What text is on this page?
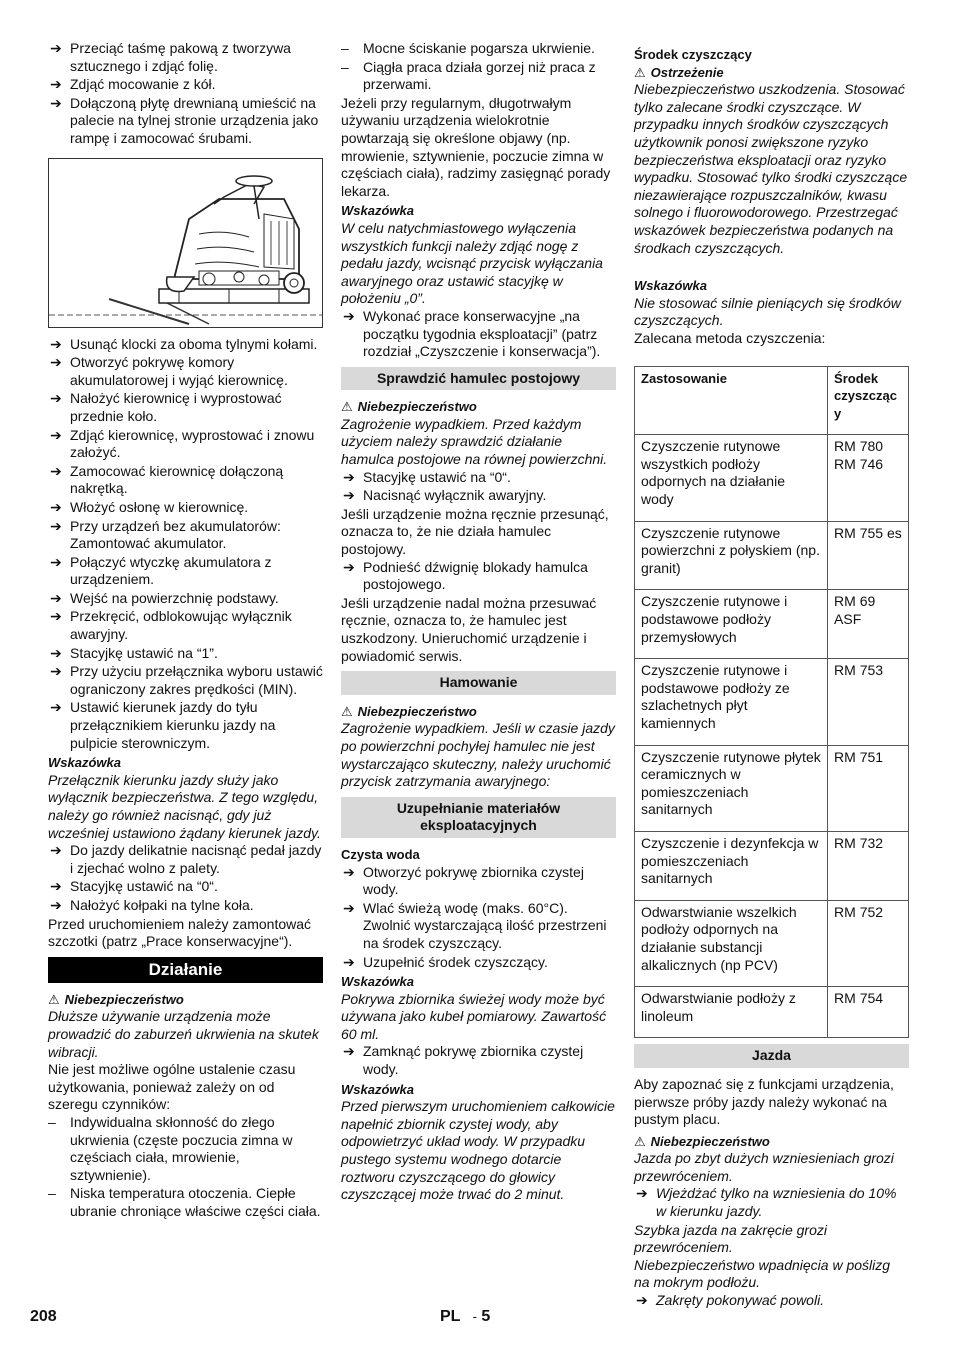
➔ Przeciąć taśmę pakową z tworzywa sztucznego i zdjąć folię.
➔ Zdjąć mocowanie z kół.
➔ Dołączoną płytę drewnianą umieścić na palecie na tylnej stronie urządzenia jako rampę i zamocować śrubami.
➔ Usunąć klocki za oboma tylnymi kołami.
➔ Otworzyć pokrywę komory akumulatorowej i wyjąć kierownicę.
➔ Nałożyć kierownicę i wyprostować przednie koło.
➔ Zdjąć kierownicę, wyprostować i znowu założyć.
➔ Zamocować kierownicę dołączoną nakrętką.
➔ Włożyć osłonę w kierownicę.
➔ Przy urządzeń bez akumulatorów: Zamontować akumulator.
➔ Połączyć wtyczkę akumulatora z urządzeniem.
➔ Wejść na powierzchnię podstawy.
➔ Przekręcić, odblokowując wyłącznik awaryjny.
➔ Stacyjkę ustawić na “1”.
➔ Przy użyciu przełącznika wyboru ustawić ograniczony zakres prędkości (MIN).
➔ Ustawić kierunek jazdy do tyłu przełącznikiem kierunku jazdy na pulpicie sterowniczym.

Wskazówka

Przełącznik kierunku jazdy służy jako wyłącznik bezpieczeństwa. Z tego względu, należy go również nacisnąć, gdy już wcześniej ustawiono żądany kierunek jazdy.

➔ Do jazdy delikatnie nacisnąć pedał jazdy i zjechać wolno z palety.
➔ Stacyjkę ustawić na “0“.
➔ Nałożyć kołpaki na tylne koła.

Przed uruchomieniem należy zamontować szczotki (patrz „Prace konserwacyjne“).

Działanie

⚠ Niebezpieczeństwo

Dłuższe używanie urządzenia może prowadzić do zaburzeń ukrwienia na skutek wibracji.

Nie jest możliwe ogólne ustalenie czasu użytkowania, ponieważ zależy on od szeregu czynników:

– Indywidualna skłonność do złego ukrwienia (częste poczucia zimna w częściach ciała, mrowienie, sztywnienie).
– Niska temperatura otoczenia. Ciepłe ubranie chroniące właściwe części ciała.
– Mocne ściskanie pogarsza ukrwienie.
– Ciągła praca działa gorzej niż praca z przerwami.

Jeżeli przy regularnym, długotrwałym używaniu urządzenia wielokrotnie powtarzają się określone objawy (np. mrowienie, sztywnienie, poczucie zimna w częściach ciała), radzimy zasięgnąć porady lekarza.

Wskazówka

W celu natychmiastowego wyłączenia wszystkich funkcji należy zdjąć nogę z pedału jazdy, wcisnąć przycisk wyłączania awaryjnego oraz ustawić stacyjkę w położeniu „0”.

➔ Wykonać prace konserwacyjne „na początku tygodnia eksploatacji” (patrz rozdział „Czyszczenie i konserwacja”).
Sprawdzić hamulec postojowy

⚠ Niebezpieczeństwo

Zagrożenie wypadkiem. Przed każdym użyciem należy sprawdzić działanie hamulca postojowe na równej powierzchni.

➔ Stacyjkę ustawić na “0“.
➔ Nacisnąć wyłącznik awaryjny.

Jeśli urządzenie można ręcznie przesunąć, oznacza to, że nie działa hamulec postojowy.

➔ Podnieść dźwignię blokady hamulca postojowego.

Jeśli urządzenie nadal można przesuwać ręcznie, oznacza to, że hamulec jest uszkodzony. Unieruchomić urządzenie i powiadomić serwis.

Hamowanie

⚠ Niebezpieczeństwo

Zagrożenie wypadkiem. Jeśli w czasie jazdy po powierzchni pochyłej hamulec nie jest wystarczająco skuteczny, należy uruchomić przycisk zatrzymania awaryjnego:

Uzupełnianie materiałów eksploatacyjnych

Czysta woda

➔ Otworzyć pokrywę zbiornika czystej wody.
➔ Wlać świeżą wodę (maks. 60°C). Zwolnić wystarczającą ilość przestrzeni na środek czyszczący.
➔ Uzupełnić środek czyszczący.

Wskazówka

Pokrywa zbiornika świeżej wody może być używana jako kubeł pomiarowy. Zawartość 60 ml.

➔ Zamknąć pokrywę zbiornika czystej wody.

Wskazówka

Przed pierwszym uruchomieniem całkowicie napełnić zbiornik czystej wody, aby odpowietrzyć układ wody. W przypadku pustego systemu wodnego dotarcie roztworu czyszczącego do głowicy czyszczącej może trwać do 2 minut.

Środek czyszczący

⚠ Ostrzeżenie

Niebezpieczeństwo uszkodzenia. Stosować tylko zalecane środki czyszczące. W przypadku innych środków czyszczących użytkownik ponosi zwiększone ryzyko bezpieczeństwa eksploatacji oraz ryzyko wypadku. Stosować tylko środki czyszczące niezawierające rozpuszczalników, kwasu solnego i fluorowodorowego. Przestrzegać wskazówek bezpieczeństwa podanych na środkach czyszczących.

Wskazówka

Nie stosować silnie pieniących się środków czyszczących.

Zalecana metoda czyszczenia:

Zastosowanie	Środek czyszcząc y
Czyszczenie rutynowe wszystkich podłoży odpornych na działanie wody	RM 780 RM 746
Czyszczenie rutynowe powierzchni z połyskiem (np. granit)	RM 755 es
Czyszczenie rutynowe i podstawowe podłoży przemysłowych	RM 69 ASF
Czyszczenie rutynowe i podstawowe podłoży ze szlachetnych płyt kamiennych	RM 753
Czyszczenie rutynowe płytek ceramicznych w pomieszczeniach sanitarnych	RM 751
Czyszczenie i dezynfekcja w pomieszczeniach sanitarnych	RM 732
Odwarstwianie wszelkich podłoży odpornych na działanie substancji alkalicznych (np PCV)	RM 752
Odwarstwianie podłoży z linoleum	RM 754
Jazda

Aby zapoznać się z funkcjami urządzenia, pierwsze próby jazdy należy wykonać na pustym placu.

⚠ Niebezpieczeństwo

Jazda po zbyt dużych wzniesieniach grozi przewróceniem.

➔ Wjeżdżać tylko na wzniesienia do 10% w kierunku jazdy.

Szybka jazda na zakręcie grozi przewróceniem.

Niebezpieczeństwo wpadnięcia w poślizg na mokrym podłożu.

➔ Zakręty pokonywać powoli.
208	PL - 5
